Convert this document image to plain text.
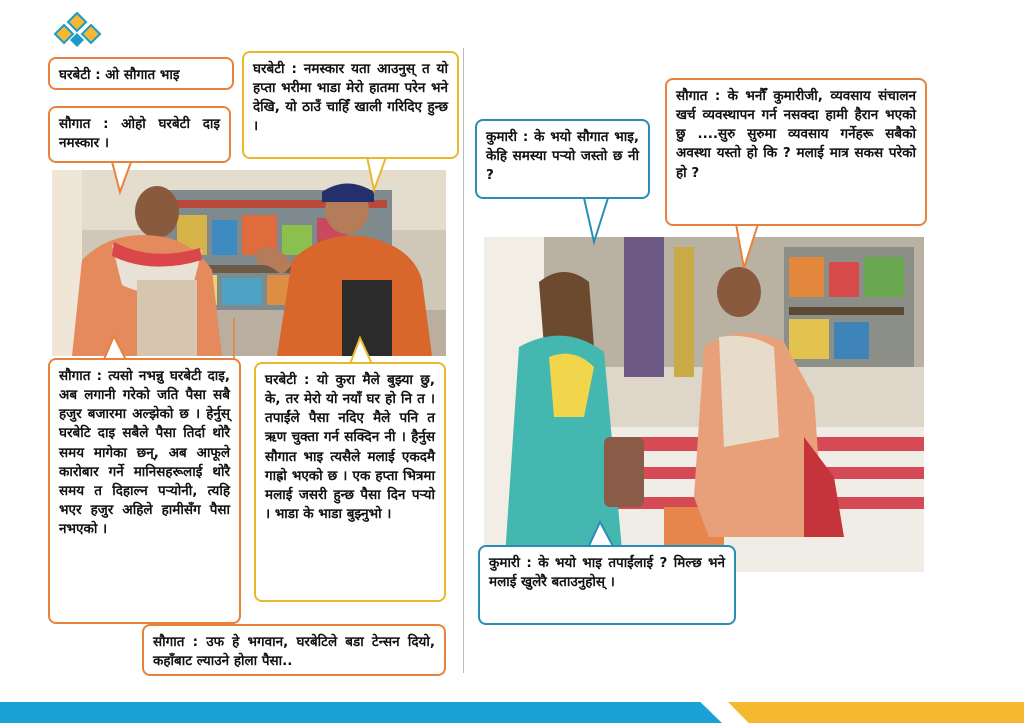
घरबेटी : ओ सौगात भाइ	घरबेटी : नमस्कार यता आउनुस् त यो हप्ता भरीमा भाडा मेरो हातमा परेन भने देखि, यो ठाउँ चाहिँ खाली गरिदिए हुन्छ ।
सौगात : ओहो घरबेटी दाइ नमस्कार ।
सौगात : त्यसो नभन्नु घरबेटी दाइ, अब लगानी गरेको जति पैसा सबै हजुर बजारमा अल्झेको छ । हेर्नुस् घरबेटि दाइ सबैले पैसा तिर्दा थोरै समय मागेका छन्, अब आफूले कारोबार गर्ने मानिसहरूलाई थोरै समय त दिहाल्न पर्‍योनी, त्यहि भएर हजुर अहिले हामीसँग पैसा नभएको ।
घरबेटी : यो कुरा मैले बुझ्या छु, के, तर मेरो यो नयाँ घर हो नि त । तपाईंले पैसा नदिए मैले पनि त ऋण चुक्ता गर्न सक्दिन नी । हैर्नुस सौगात भाइ त्यसैले मलाई एकदमै गाह्रो भएको छ । एक हप्ता भित्रमा मलाई जसरी हुन्छ पैसा दिन पर्‍यो । भाडा के भाडा बुझ्नुभो ।
सौगात : उफ हे भगवान, घरबेटिले बडा टेन्सन दियो, कहाँबाट ल्याउने होला पैसा..
कुमारी : के भयो सौगात भाइ, केहि समस्या पर्‍यो जस्तो छ नी ?
सौगात : के भनौँ कुमारीजी, व्यवसाय संचालन खर्च व्यवस्थापन गर्न नसक्दा हामी हैरान भएको छु ....सुरु सुरुमा व्यवसाय गर्नेहरू सबैको अवस्था यस्तो हो कि ? मलाई मात्र सकस परेको हो ?
कुमारी : के भयो भाइ तपाईंलाई ? मिल्छ भने मलाई खुलेरै बताउनुहोस् ।
